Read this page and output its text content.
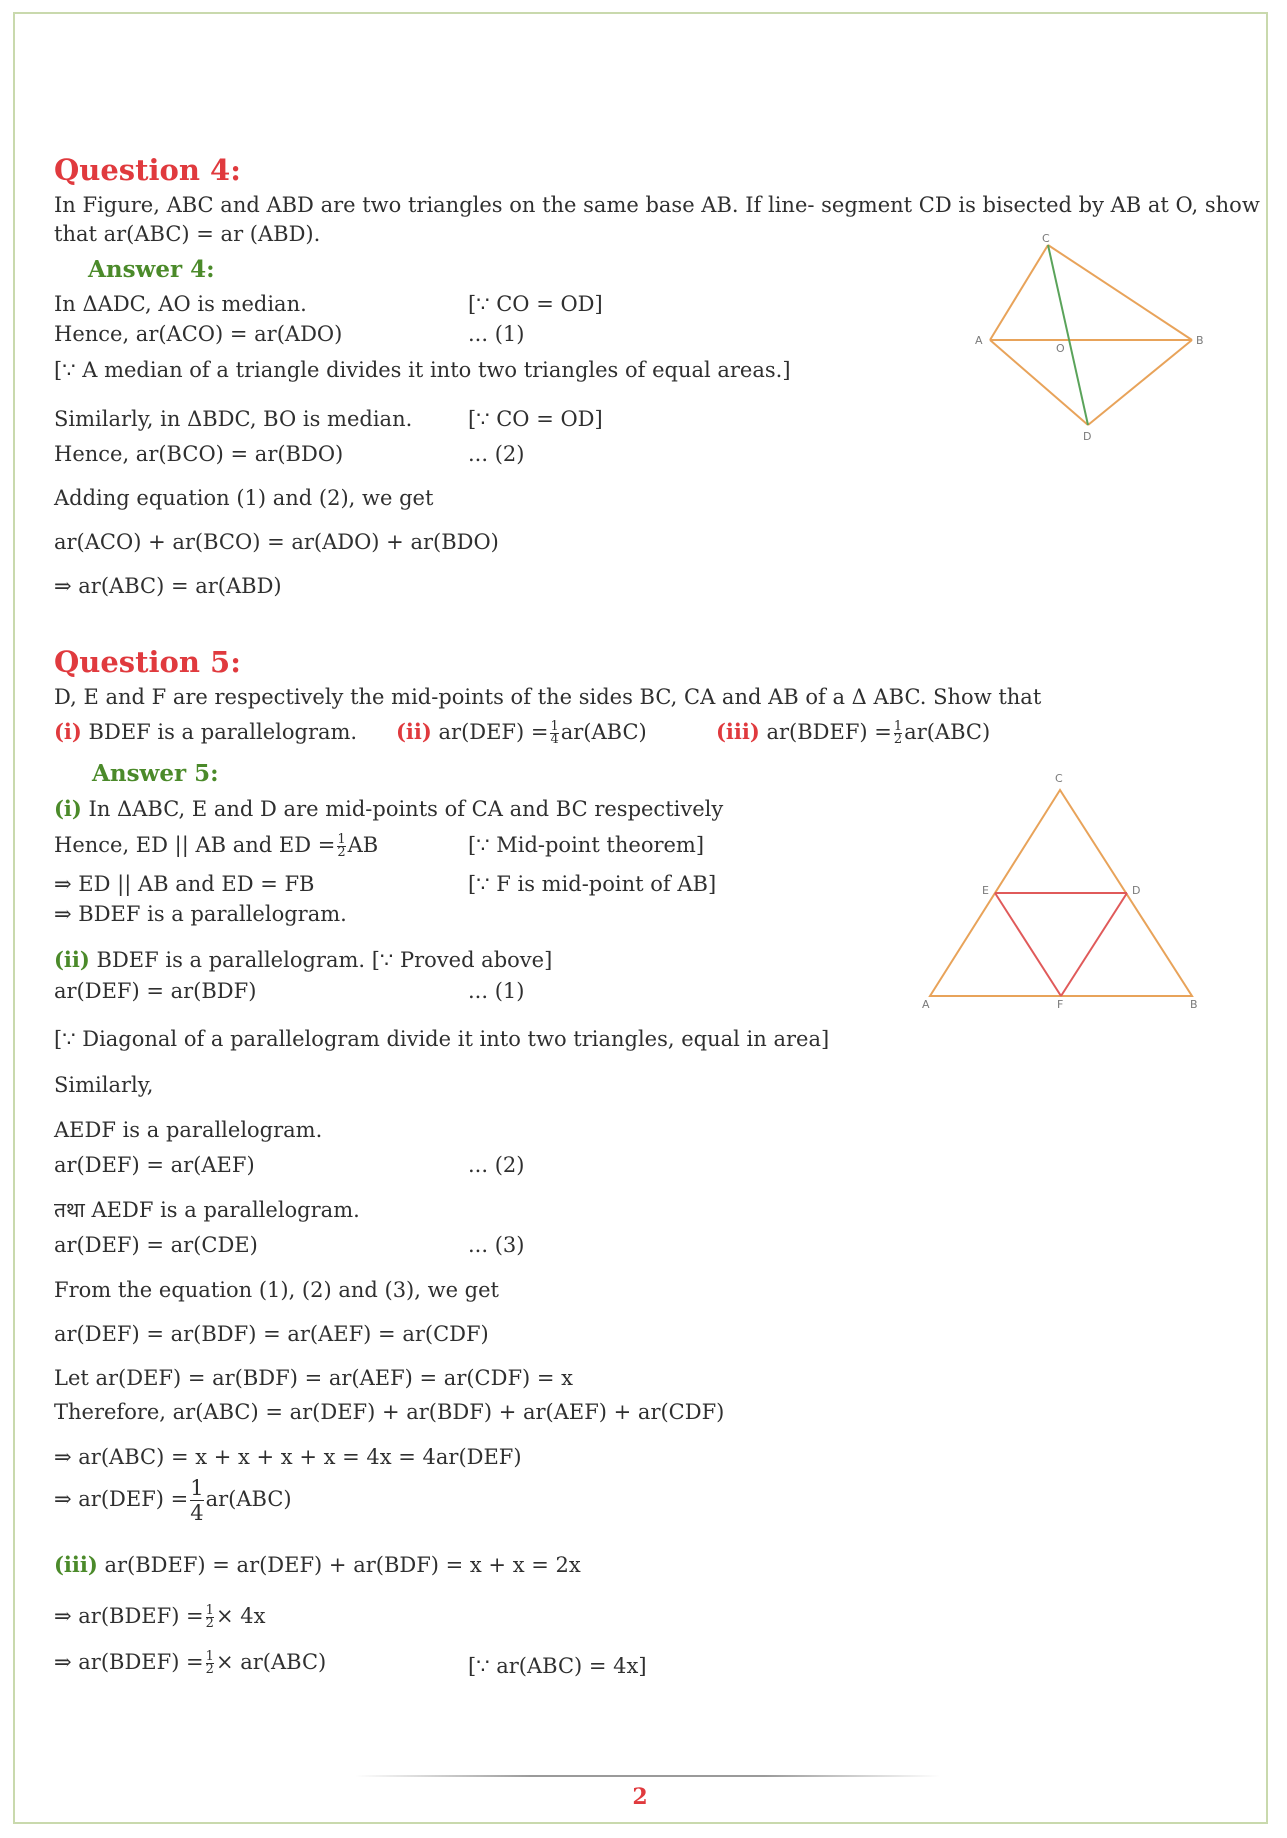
Question 4:
In Figure, ABC and ABD are two triangles on the same base AB. If line- segment CD is bisected by AB at O, show
that ar(ABC) = ar (ABD).
Answer 4:
In ΔADC, AO is median.	[∵ CO = OD]
Hence, ar(ACO) = ar(ADO)	... (1)
[∵ A median of a triangle divides it into two triangles of equal areas.]
Similarly, in ΔBDC, BO is median.	[∵ CO = OD]
Hence, ar(BCO) = ar(BDO)	... (2)
Adding equation (1) and (2), we get
ar(ACO) + ar(BCO) = ar(ADO) + ar(BDO)
⇒ ar(ABC) = ar(ABD)
C
A	B
D
O
Question 5:
D, E and F are respectively the mid-points of the sides BC, CA and AB of a Δ ABC. Show that
(i) BDEF is a parallelogram. (ii) $ar(DEF) = \frac{1}{4} ar(ABC)$	(iii) ar(BDEF) = $\frac{1}{2} ar(ABC)$
Answer 5:
(i) In ΔABC, E and D are mid-points of CA and BC respectively
Hence, ED || AB and ED = $\frac{1}{2}$ AB	[∵ Mid-point theorem]
⇒ ED || AB and ED = FB	[∵ F is mid-point of AB]
⇒ BDEF is a parallelogram.
(ii) BDEF is a parallelogram. [∵ Proved above]
ar(DEF) = ar(BDF)	... (1)
[∵ Diagonal of a parallelogram divide it into two triangles, equal in area]
Similarly,
AEDF is a parallelogram.
ar(DEF) = ar(AEF)	... (2)
तथा AEDF is a parallelogram.
ar(DEF) = ar(CDE)	... (3)
From the equation (1), (2) and (3), we get
ar(DEF) = ar(BDF) = ar(AEF) = ar(CDF)
Let ar(DEF) = ar(BDF) = ar(AEF) = ar(CDF) = x
Therefore, ar(ABC) = ar(DEF) + ar(BDF) + ar(AEF) + ar(CDF)
⇒ ar(ABC) = x + x + x + x = 4x = 4ar(DEF)
⇒ $ar(DEF) = \frac{1}{4} ar(ABC)$
(iii) ar(BDEF) = ar(DEF) + ar(BDF) = x + x = 2x
⇒ ar(BDEF) = $\frac{1}{2} \times 4x$
⇒ ar(BDEF) = $\frac{1}{2} \times ar(ABC)$	[∵ ar(ABC) = 4x]
C
A	B
E	D
F
2
